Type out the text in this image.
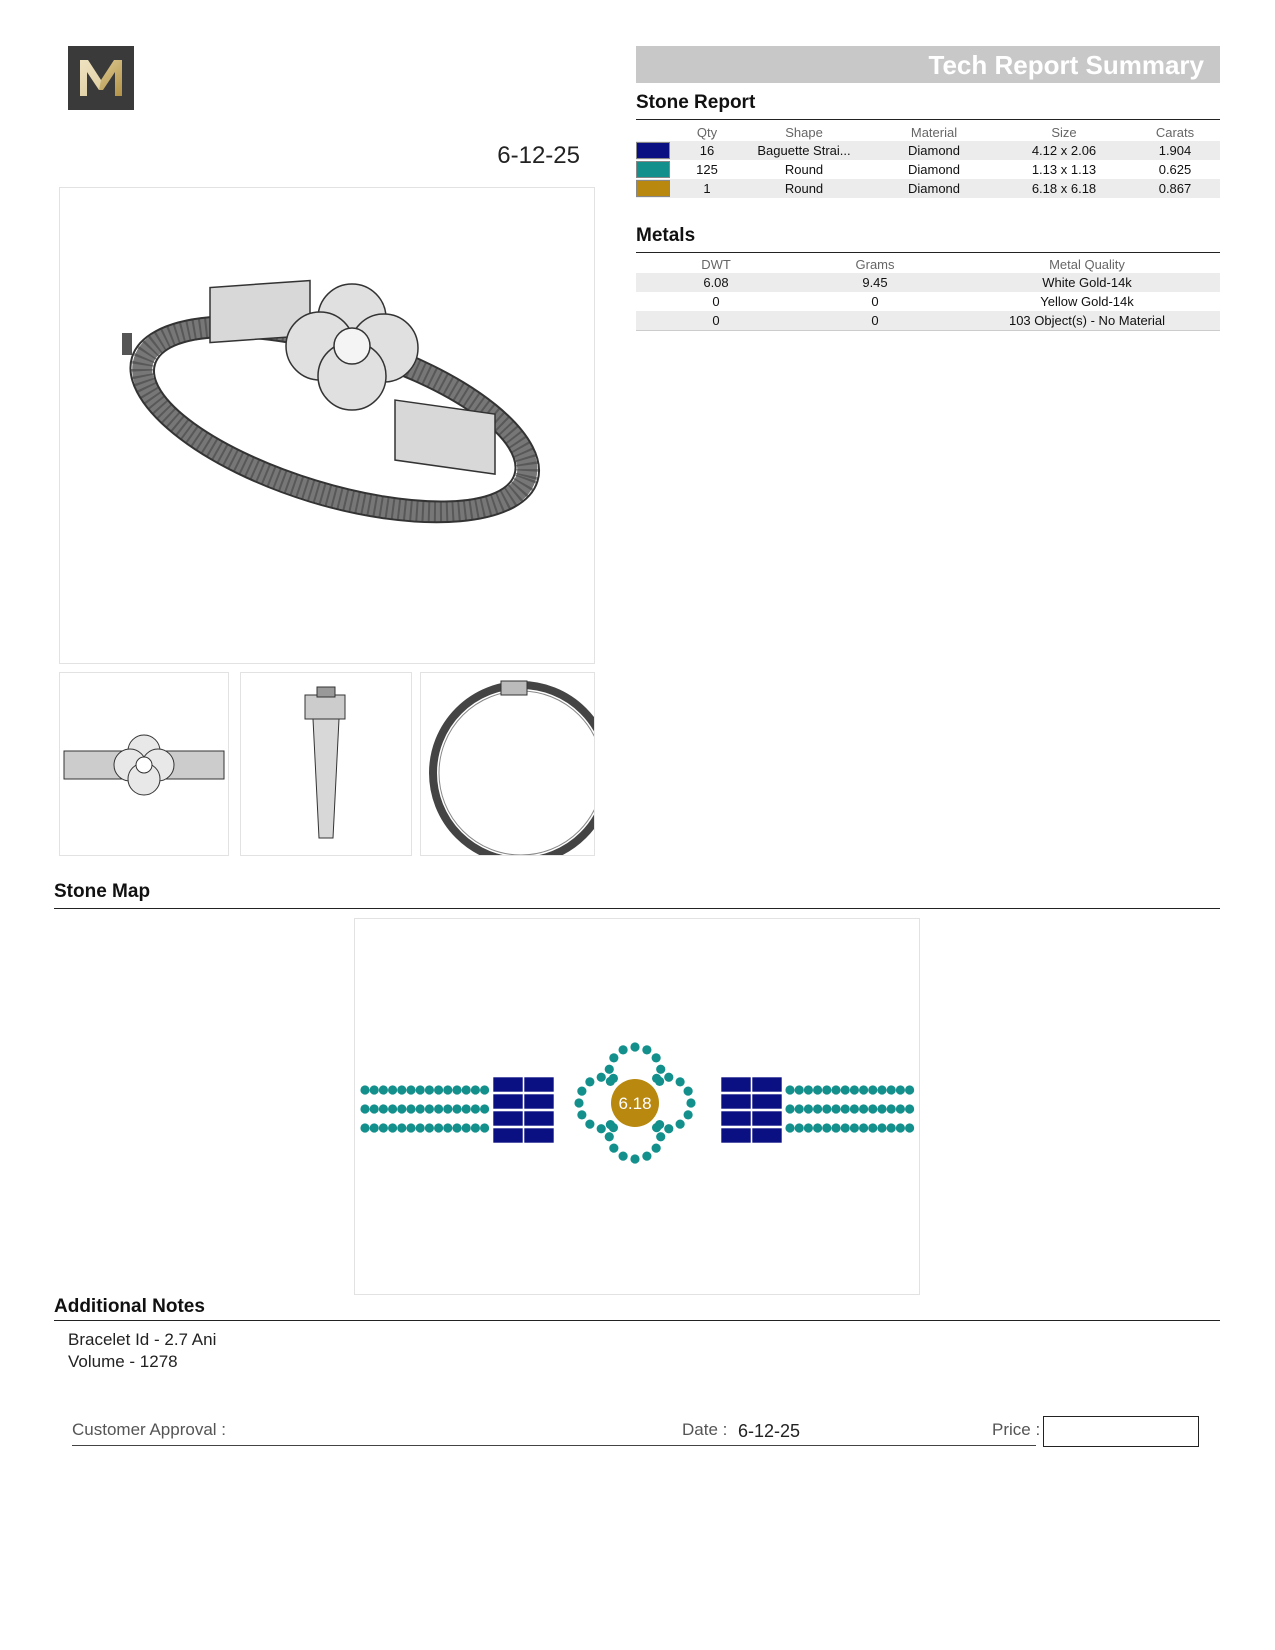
6-12-25
Tech Report Summary
Stone Report
	Qty	Shape	Material	Size	Carats
	16	Baguette Strai...	Diamond	4.12 x 2.06	1.904
	125	Round	Diamond	1.13 x 1.13	0.625
	1	Round	Diamond	6.18 x 6.18	0.867
Metals
DWT	Grams	Metal Quality
6.08	9.45	White Gold-14k
0	0	Yellow Gold-14k
0	0	103 Object(s) - No Material
Stone Map
6.18
Additional Notes
Bracelet Id - 2.7 Ani
Volume - 1278
Customer Approval :	Date : 6-12-25	Price :
